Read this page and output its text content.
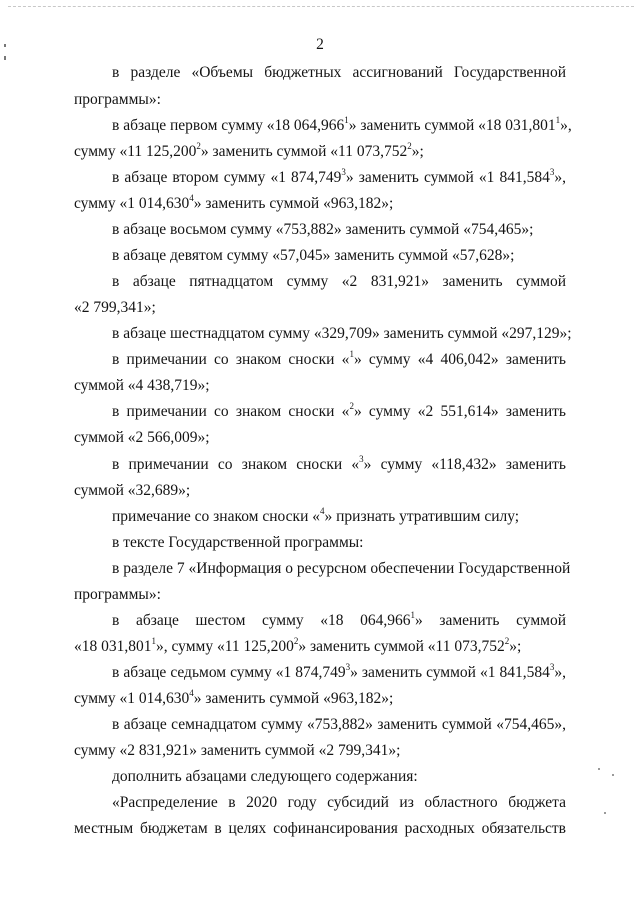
2
в разделе «Объемы бюджетных ассигнований Государственной
программы»:
в абзаце первом сумму «18 064,966$^1$» заменить суммой «18 031,801$^1$»,
сумму «11 125,200$^2$» заменить суммой «11 073,752$^2$»;
в абзаце втором сумму «1 874,749$^3$» заменить суммой «1 841,584$^3$»,
сумму «1 014,630$^4$» заменить суммой «963,182»;
в абзаце восьмом сумму «753,882» заменить суммой «754,465»;
в абзаце девятом сумму «57,045» заменить суммой «57,628»;
в абзаце пятнадцатом сумму «2 831,921» заменить суммой
«2 799,341»;
в абзаце шестнадцатом сумму «329,709» заменить суммой «297,129»;
в примечании со знаком сноски «$^1$» сумму «4 406,042» заменить
суммой «4 438,719»;
в примечании со знаком сноски «$^2$» сумму «2 551,614» заменить
суммой «2 566,009»;
в примечании со знаком сноски «$^3$» сумму «118,432» заменить
суммой «32,689»;
примечание со знаком сноски «$^4$» признать утратившим силу;
в тексте Государственной программы:
в разделе 7 «Информация о ресурсном обеспечении Государственной
программы»:
в абзаце шестом сумму «18 064,966$^1$» заменить суммой
«18 031,801$^1$», сумму «11 125,200$^2$» заменить суммой «11 073,752$^2$»;
в абзаце седьмом сумму «1 874,749$^3$» заменить суммой «1 841,584$^3$»,
сумму «1 014,630$^4$» заменить суммой «963,182»;
в абзаце семнадцатом сумму «753,882» заменить суммой «754,465»,
сумму «2 831,921» заменить суммой «2 799,341»;
дополнить абзацами следующего содержания:
«Распределение в 2020 году субсидий из областного бюджета
местным бюджетам в целях софинансирования расходных обязательств
